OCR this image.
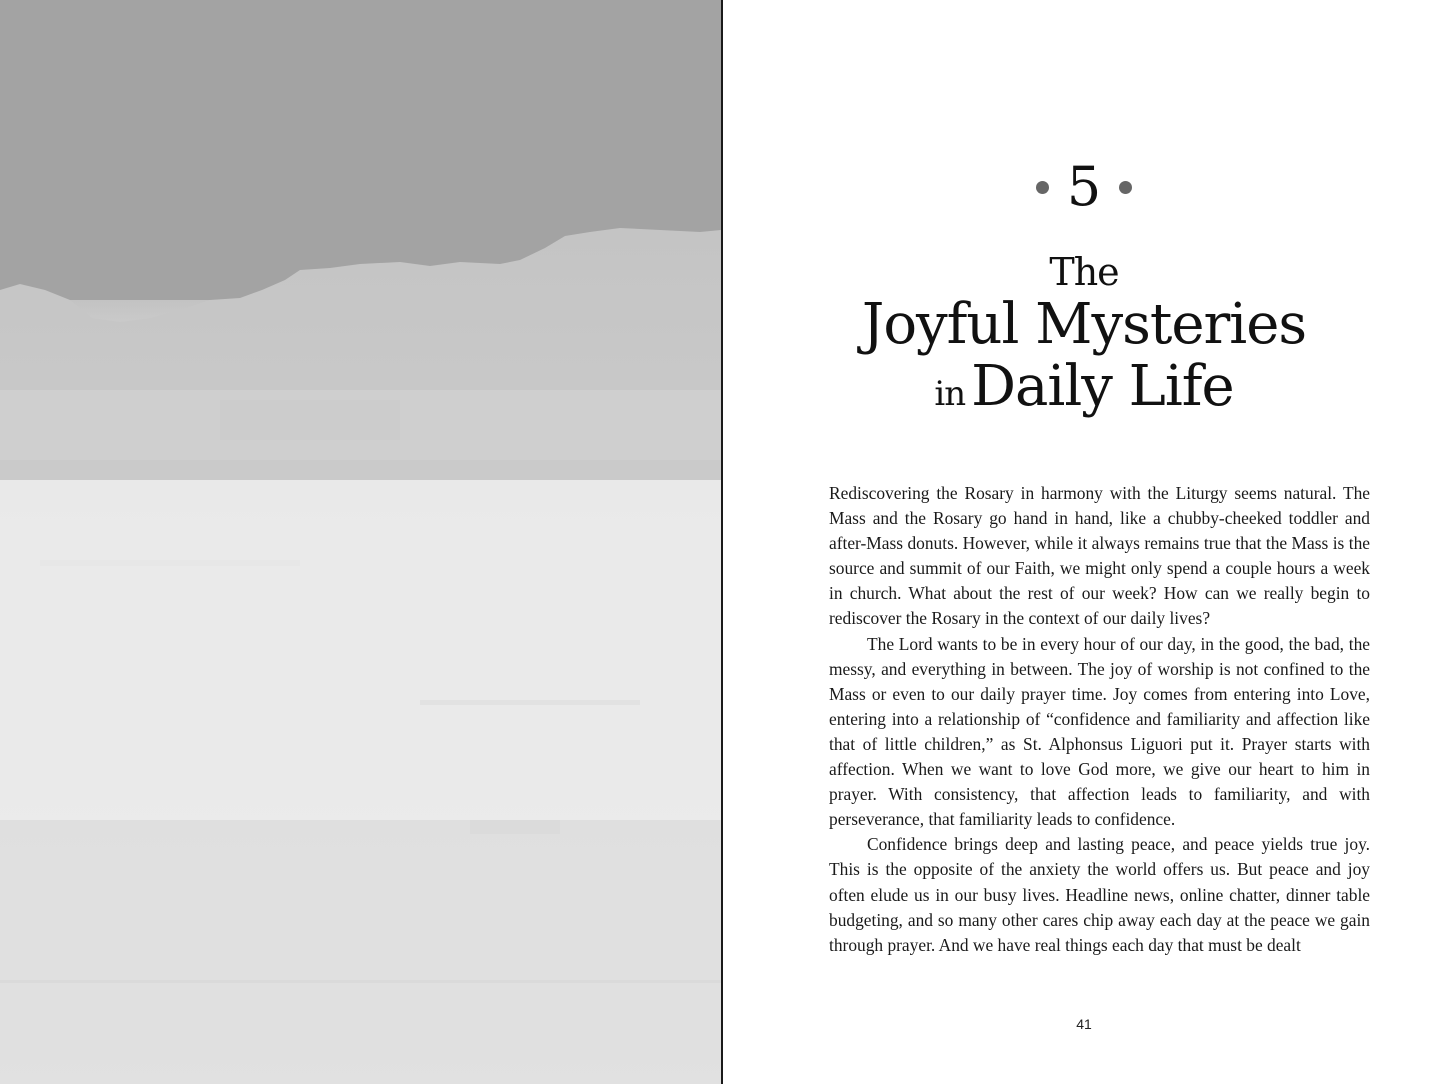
5
The
Joyful Mysteries
in Daily Life

Rediscovering the Rosary in harmony with the Liturgy seems natural. The Mass and the Rosary go hand in hand, like a chubby-cheeked toddler and after-Mass donuts. However, while it always remains true that the Mass is the source and summit of our Faith, we might only spend a couple hours a week in church. What about the rest of our week? How can we really begin to rediscover the Rosary in the context of our daily lives?

The Lord wants to be in every hour of our day, in the good, the bad, the messy, and everything in between. The joy of worship is not confined to the Mass or even to our daily prayer time. Joy comes from entering into Love, entering into a relationship of “confidence and familiarity and affection like that of little children,” as St. Alphonsus Liguori put it. Prayer starts with affection. When we want to love God more, we give our heart to him in prayer. With consistency, that affection leads to familiarity, and with perseverance, that familiarity leads to confidence.

Confidence brings deep and lasting peace, and peace yields true joy. This is the opposite of the anxiety the world offers us. But peace and joy often elude us in our busy lives. Headline news, online chatter, dinner table budgeting, and so many other cares chip away each day at the peace we gain through prayer. And we have real things each day that must be dealt

41
